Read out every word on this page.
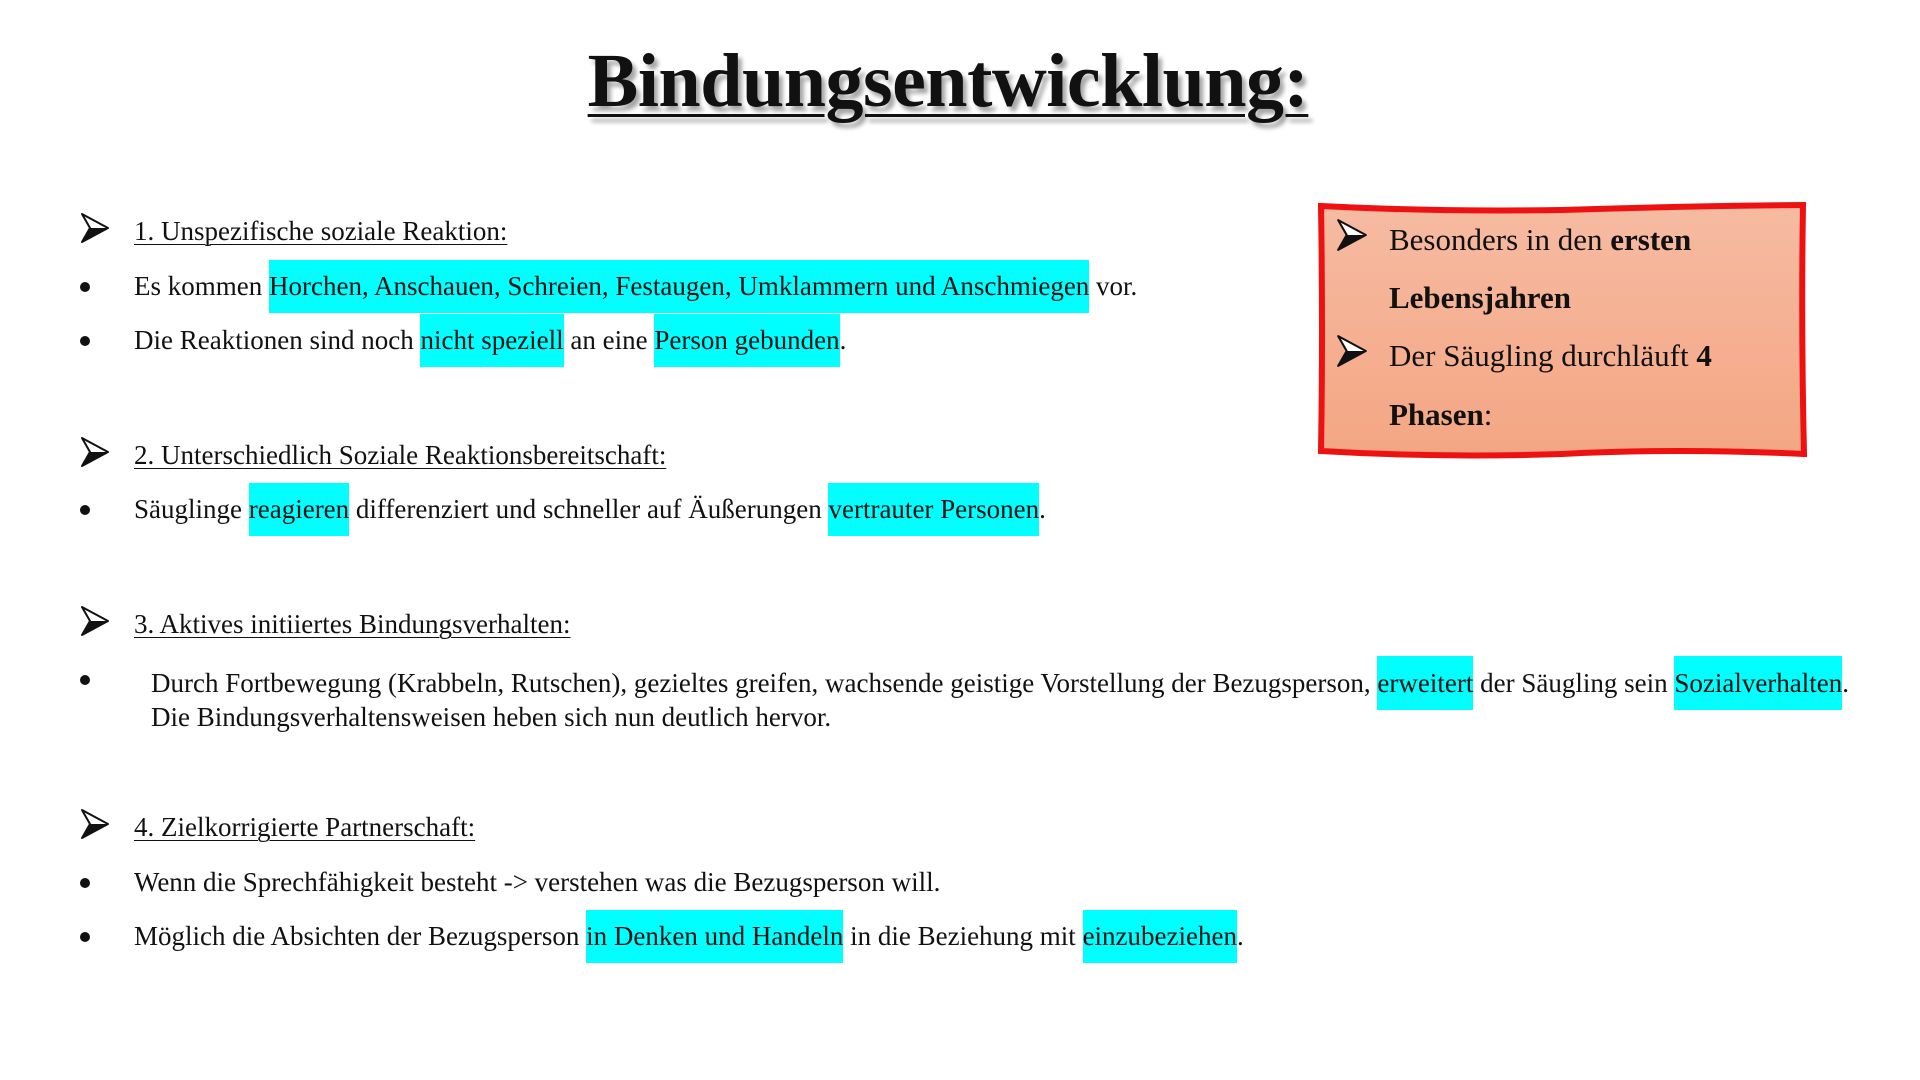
Bindungsentwicklung:
1. Unspezifische soziale Reaktion:
Es kommen Horchen, Anschauen, Schreien, Festaugen, Umklammern und Anschmiegen vor.
Die Reaktionen sind noch nicht speziell an eine Person gebunden.
2. Unterschiedlich Soziale Reaktionsbereitschaft:
Säuglinge reagieren differenziert und schneller auf Äußerungen vertrauter Personen.
3. Aktives initiiertes Bindungsverhalten:
Durch Fortbewegung (Krabbeln, Rutschen), gezieltes greifen, wachsende geistige Vorstellung der Bezugsperson, erweitert der Säugling sein Sozialverhalten. Die Bindungsverhaltensweisen heben sich nun deutlich hervor.
4. Zielkorrigierte Partnerschaft:
Wenn die Sprechfähigkeit besteht -> verstehen was die Bezugsperson will.
Möglich die Absichten der Bezugsperson in Denken und Handeln in die Beziehung mit einzubeziehen.
Besonders in den ersten
Lebensjahren
Der Säugling durchläuft 4
Phasen:
